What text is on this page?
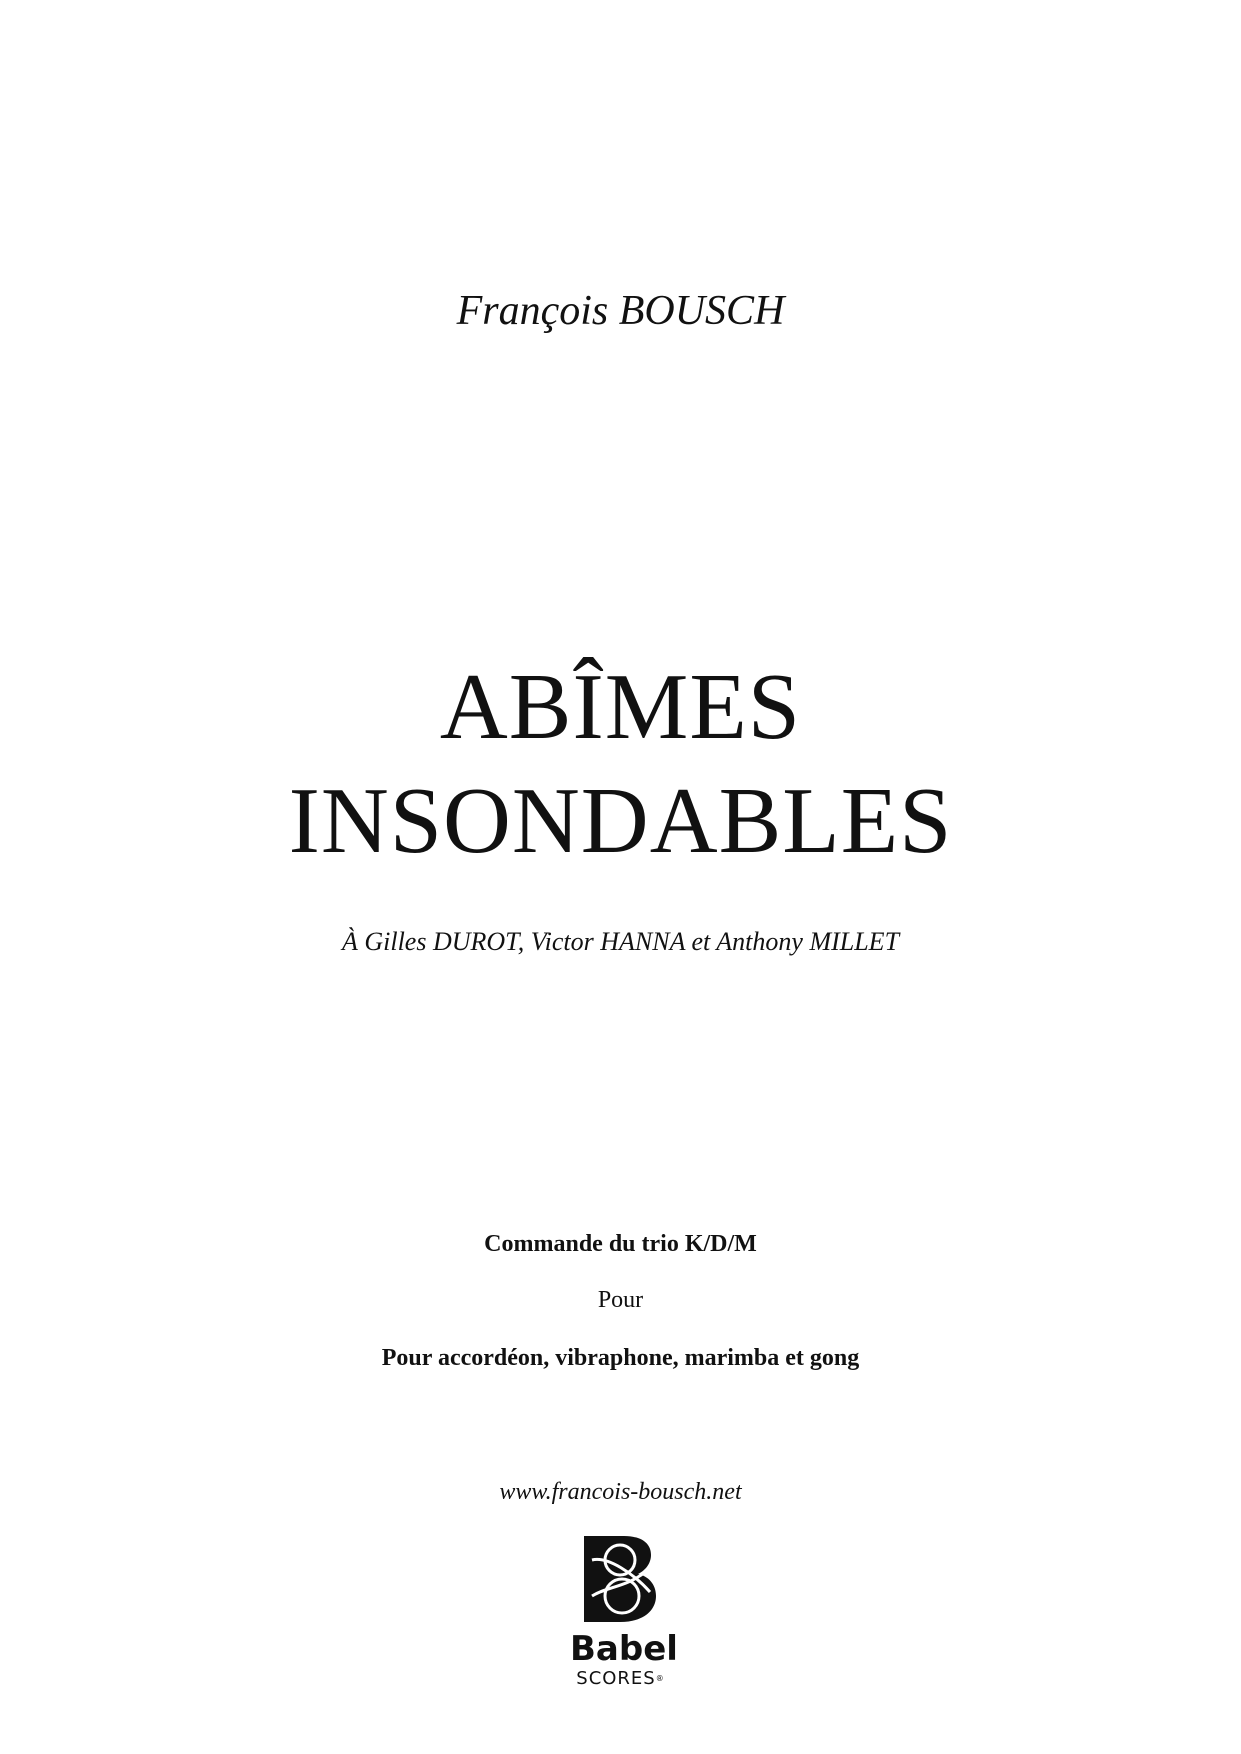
François BOUSCH
ABÎMES
INSONDABLES
À Gilles DUROT, Victor HANNA et Anthony MILLET
Commande du trio K/D/M
Pour
Pour accordéon, vibraphone, marimba et gong
www.francois-bousch.net
Babel
SCORES®
